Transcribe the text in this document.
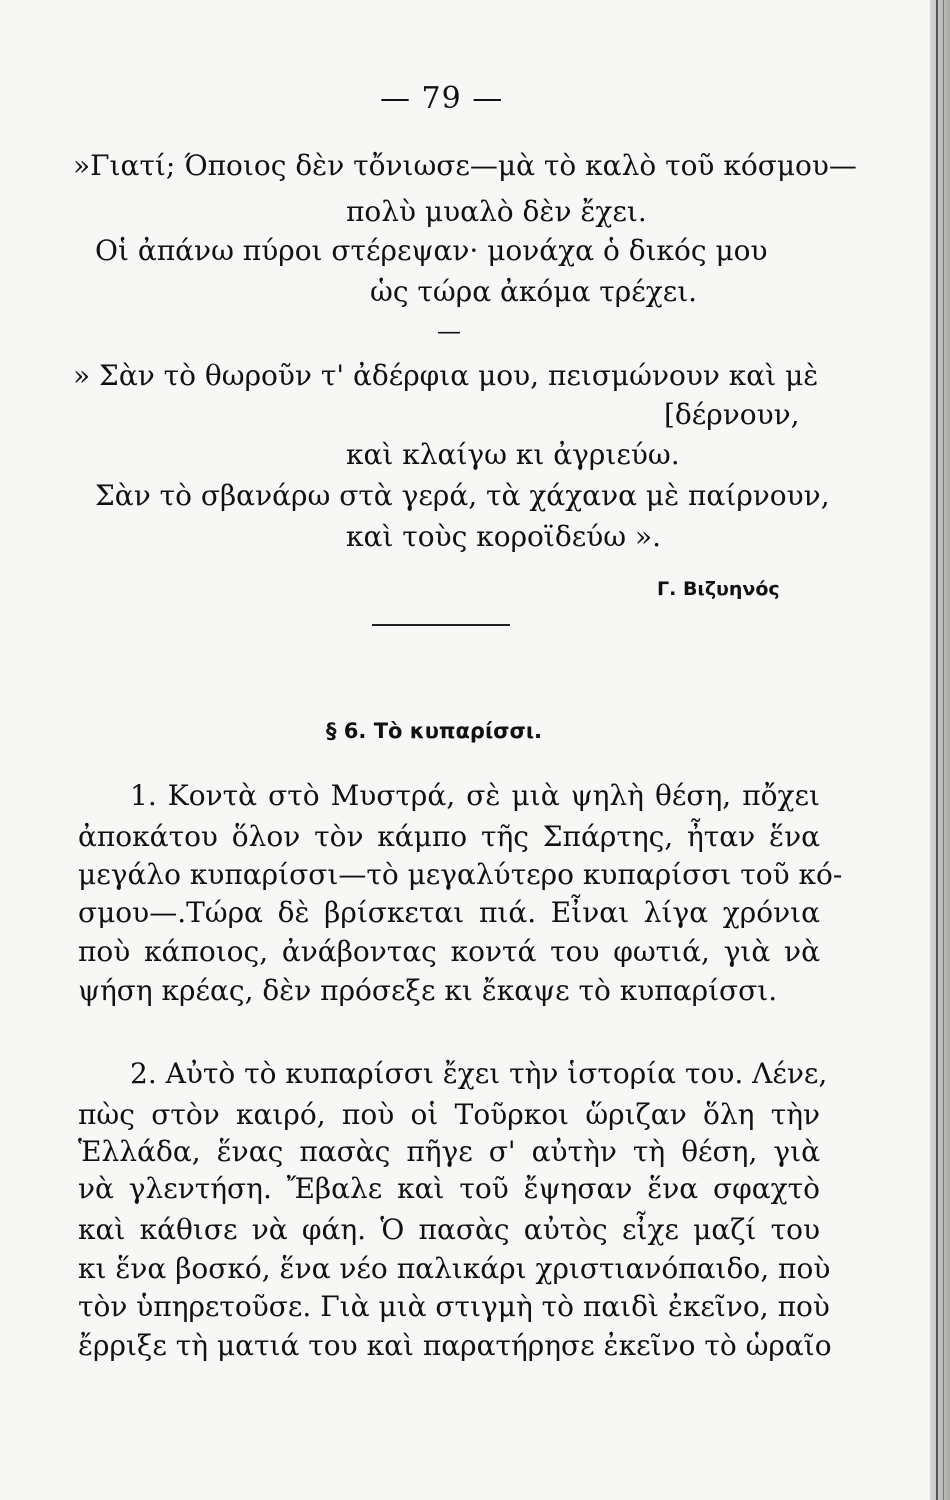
— 79 —
»Γιατί; Όποιος δὲν τὄνιωσε—μὰ τὸ καλὸ τοῦ κόσμου—
πολὺ μυαλὸ δὲν ἔχει.
Οἱ ἀπάνω πύροι στέρεψαν· μονάχα ὁ δικός μου
ὡς τώρα ἀκόμα τρέχει.
—
» Σὰν τὸ θωροῦν τ' ἀδέρφια μου, πεισμώνουν καὶ μὲ
[δέρνουν,
καὶ κλαίγω κι ἀγριεύω.
Σὰν τὸ σβανάρω στὰ γερά, τὰ χάχανα μὲ παίρνουν,
καὶ τοὺς κοροϊδεύω ».
Γ. Βιζυηνός
§ 6. Τὸ κυπαρίσσι.
1. Κοντὰ στὸ Μυστρά, σὲ μιὰ ψηλὴ θέση, πὄχει
ἀποκάτου ὅλον τὸν κάμπο τῆς Σπάρτης, ἦταν ἕνα
μεγάλο κυπαρίσσι—τὸ μεγαλύτερο κυπαρίσσι τοῦ κό-
σμου—.Τώρα δὲ βρίσκεται πιά. Εἶναι λίγα χρόνια
ποὺ κάποιος, ἀνάβοντας κοντά του φωτιά, γιὰ νὰ
ψήση κρέας, δὲν πρόσεξε κι ἔκαψε τὸ κυπαρίσσι.
2. Αὐτὸ τὸ κυπαρίσσι ἔχει τὴν ἱστορία του. Λένε,
πὼς στὸν καιρό, ποὺ οἱ Τοῦρκοι ὥριζαν ὅλη τὴν
Ἑλλάδα, ἕνας πασὰς πῆγε σ' αὐτὴν τὴ θέση, γιὰ
νὰ γλεντήση. Ἔβαλε καὶ τοῦ ἔψησαν ἕνα σφαχτὸ
καὶ κάθισε νὰ φάη. Ὁ πασὰς αὐτὸς εἶχε μαζί του
κι ἕνα βοσκό, ἕνα νέο παλικάρι χριστιανόπαιδο, ποὺ
τὸν ὑπηρετοῦσε. Γιὰ μιὰ στιγμὴ τὸ παιδὶ ἐκεῖνο, ποὺ
ἔρριξε τὴ ματιά του καὶ παρατήρησε ἐκεῖνο τὸ ὡραῖο
